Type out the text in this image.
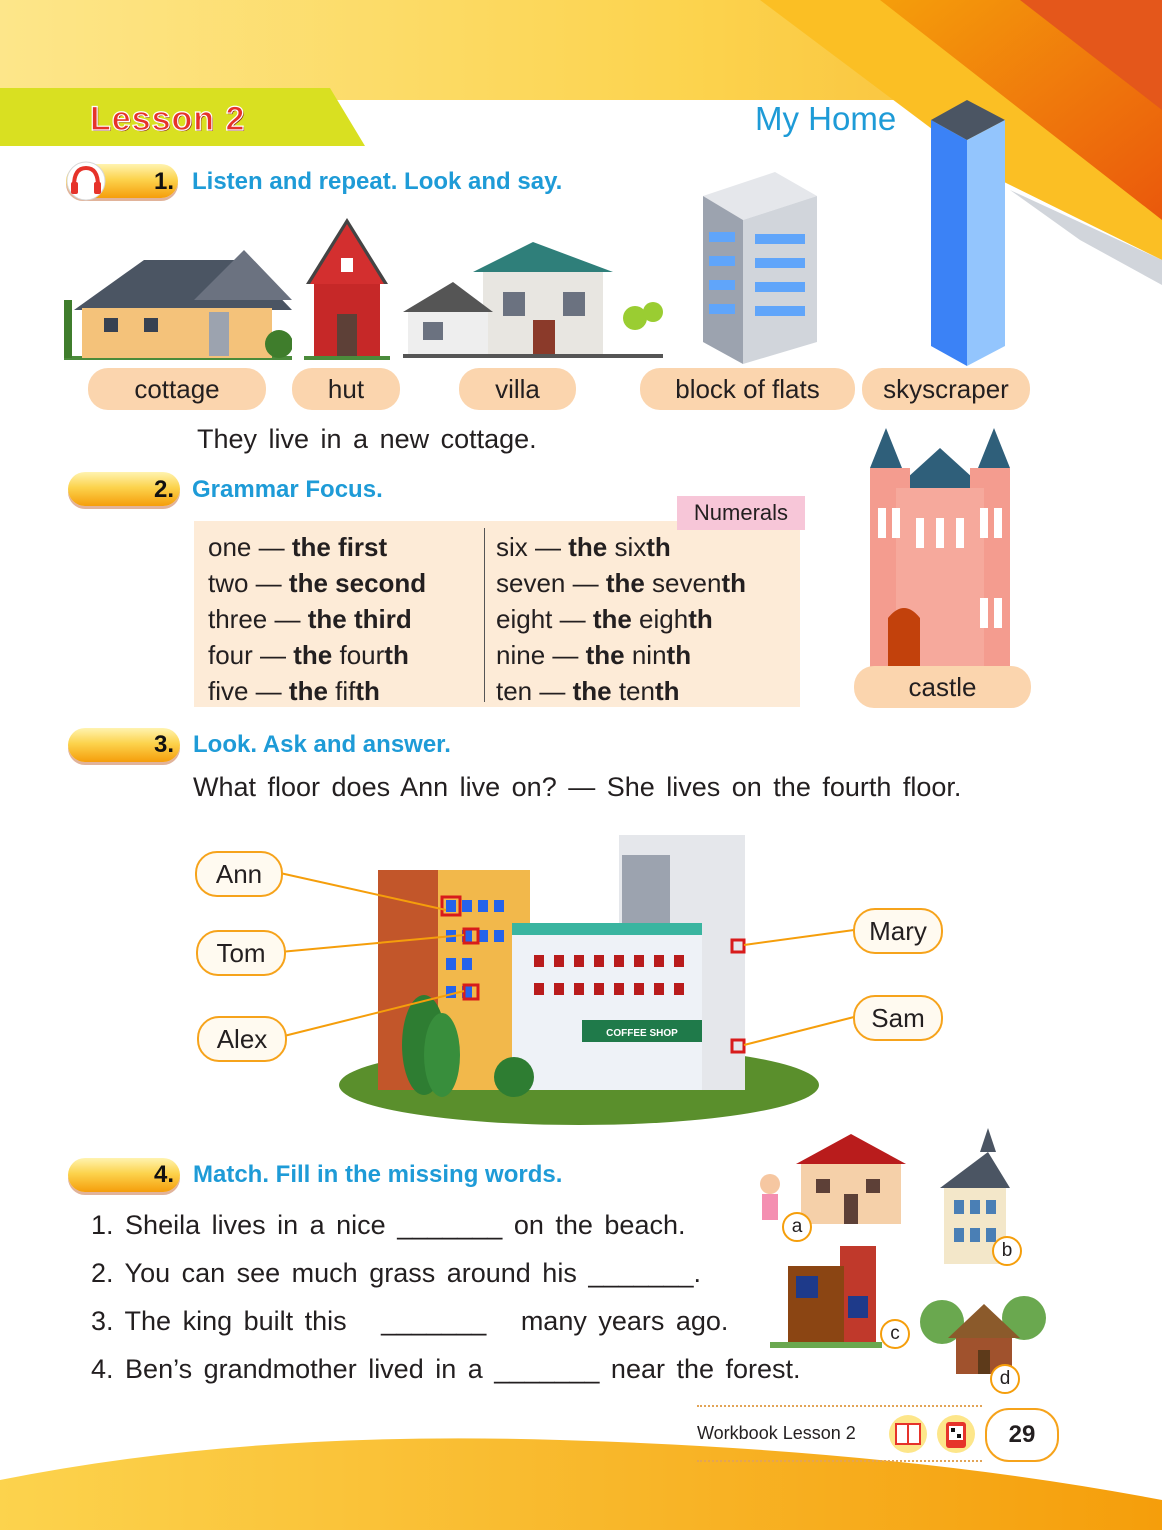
Lesson 2	My Home
1. Listen and repeat. Look and say.
cottage	hut	villa	block of flats	skyscraper
castle
They live in a new cottage.
2. Grammar Focus.
Numerals
one — the first
two — the second
three — the third
four — the fourth
five — the fifth
six — the sixth
seven — the seventh
eight — the eighth
nine — the ninth
ten — the tenth
3. Look. Ask and answer.
What floor does Ann live on? — She lives on the fourth floor.
COFFEE SHOP
Ann
Tom
Alex
Mary
Sam
4. Match. Fill in the missing words.
1. Sheila lives in a nice _______ on the beach.
2. You can see much grass around his _______.
3. The king built this _______ many years ago.
4. Ben’s grandmother lived in a _______ near the forest.
a
b
c
d
Workbook Lesson 2	29
